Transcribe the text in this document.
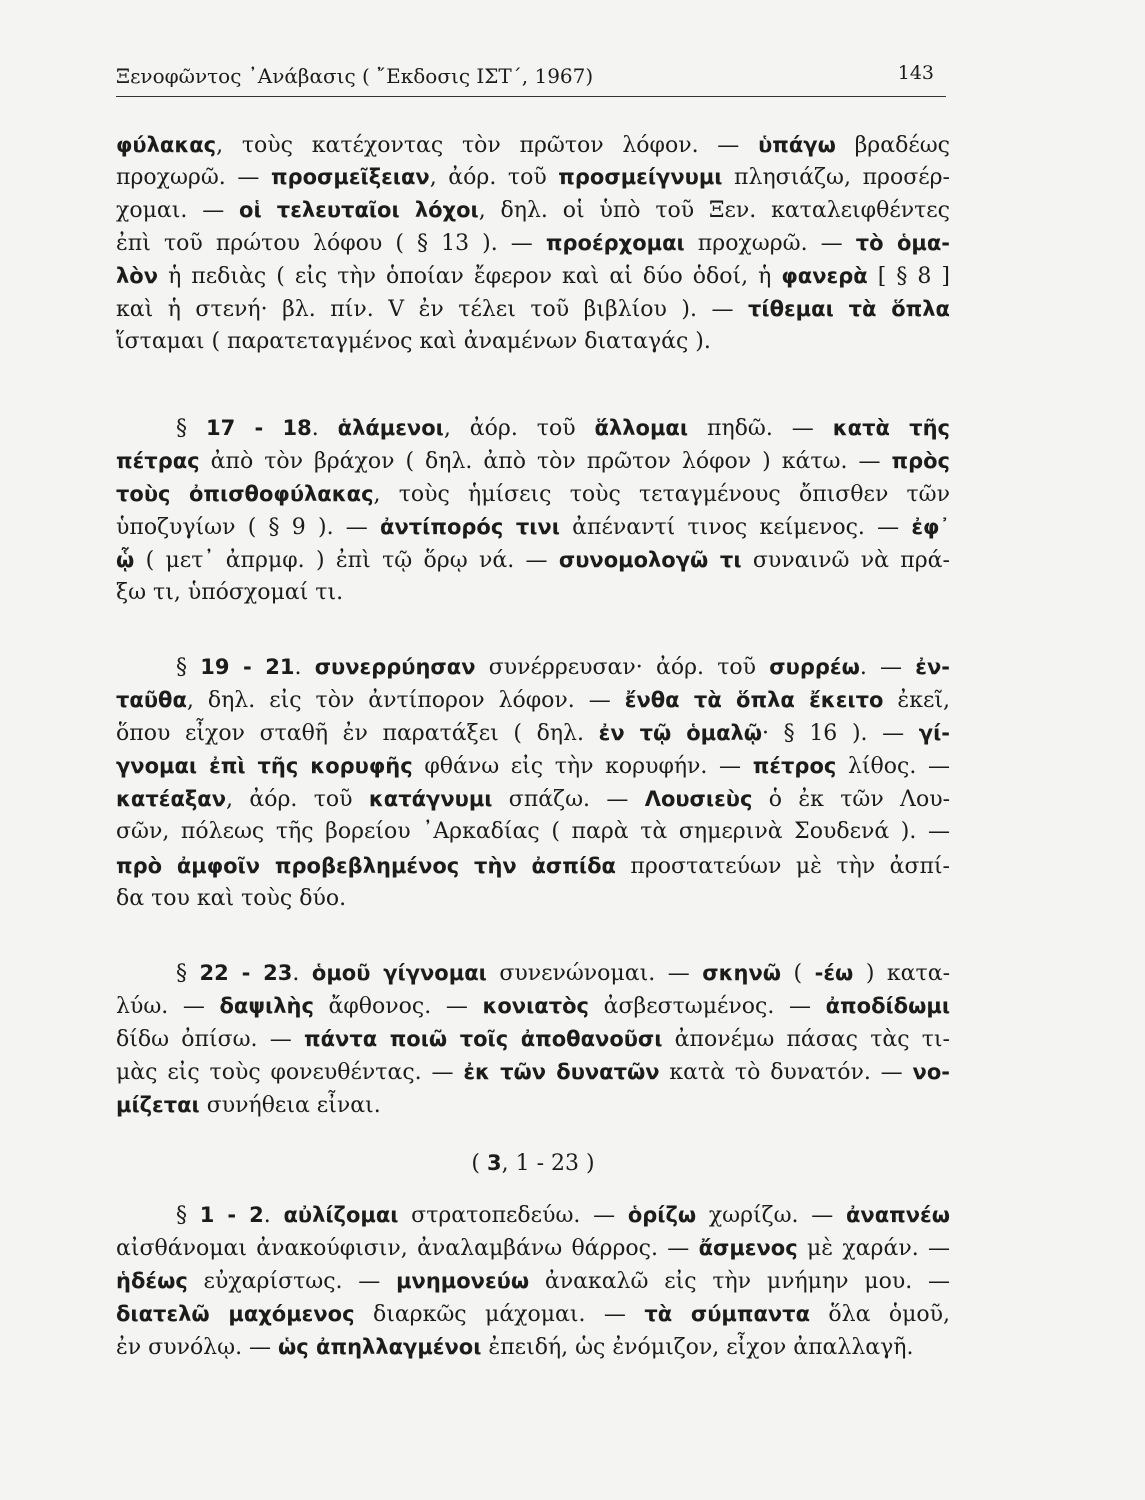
Ξενοφῶντος ᾿Ανάβασις ( ῎Εκδοσις ΙΣΤ΄, 1967)	143
φύλακας, τοὺς κατέχοντας τὸν πρῶτον λόφον. — ὑπάγω βραδέως
προχωρῶ. — προσμεῖξειαν, ἀόρ. τοῦ προσμείγνυμι πλησιάζω, προσέρ-
χομαι. — οἱ τελευταῖοι λόχοι, δηλ. οἱ ὑπὸ τοῦ Ξεν. καταλειφθέντες
ἐπὶ τοῦ πρώτου λόφου ( § 13 ). — προέρχομαι προχωρῶ. — τὸ ὁμα-
λὸν ἡ πεδιὰς ( εἰς τὴν ὁποίαν ἔφερον καὶ αἱ δύο ὁδοί, ἡ φανερὰ [ § 8 ]
καὶ ἡ στενή· βλ. πίν. V ἐν τέλει τοῦ βιβλίου ). — τίθεμαι τὰ ὅπλα
ἵσταμαι ( παρατεταγμένος καὶ ἀναμένων διαταγάς ).
§ 17 - 18. ἁλάμενοι, ἀόρ. τοῦ ἅλλομαι πηδῶ. — κατὰ τῆς
πέτρας ἀπὸ τὸν βράχον ( δηλ. ἀπὸ τὸν πρῶτον λόφον ) κάτω. — πρὸς
τοὺς ὀπισθοφύλακας, τοὺς ἡμίσεις τοὺς τεταγμένους ὄπισθεν τῶν
ὑποζυγίων ( § 9 ). — ἀντίπορός τινι ἀπέναντί τινος κείμενος. — ἐφ᾿
ᾧ ( μετ᾿ ἀπρμφ. ) ἐπὶ τῷ ὅρῳ νά. — συνομολογῶ τι συναινῶ νὰ πρά-
ξω τι, ὑπόσχομαί τι.
§ 19 - 21. συνερρύησαν συνέρρευσαν· ἀόρ. τοῦ συρρέω. — ἐν-
ταῦθα, δηλ. εἰς τὸν ἀντίπορον λόφον. — ἔνθα τὰ ὅπλα ἔκειτο ἐκεῖ,
ὅπου εἶχον σταθῆ ἐν παρατάξει ( δηλ. ἐν τῷ ὁμαλῷ· § 16 ). — γί-
γνομαι ἐπὶ τῆς κορυφῆς φθάνω εἰς τὴν κορυφήν. — πέτρος λίθος. —
κατέαξαν, ἀόρ. τοῦ κατάγνυμι σπάζω. — Λουσιεὺς ὁ ἐκ τῶν Λου-
σῶν, πόλεως τῆς βορείου ᾿Αρκαδίας ( παρὰ τὰ σημερινὰ Σουδενά ). —
πρὸ ἀμφοῖν προβεβλημένος τὴν ἀσπίδα προστατεύων μὲ τὴν ἀσπί-
δα του καὶ τοὺς δύο.
§ 22 - 23. ὁμοῦ γίγνομαι συνενώνομαι. — σκηνῶ ( -έω ) κατα-
λύω. — δαψιλὴς ἄφθονος. — κονιατὸς ἀσβεστωμένος. — ἀποδίδωμι
δίδω ὀπίσω. — πάντα ποιῶ τοῖς ἀποθανοῦσι ἀπονέμω πάσας τὰς τι-
μὰς εἰς τοὺς φονευθέντας. — ἐκ τῶν δυνατῶν κατὰ τὸ δυνατόν. — νο-
μίζεται συνήθεια εἶναι.
( 3, 1 - 23 )
§ 1 - 2. αὐλίζομαι στρατοπεδεύω. — ὁρίζω χωρίζω. — ἀναπνέω
αἰσθάνομαι ἀνακούφισιν, ἀναλαμβάνω θάρρος. — ἄσμενος μὲ χαράν. —
ἡδέως εὐχαρίστως. — μνημονεύω ἀνακαλῶ εἰς τὴν μνήμην μου. —
διατελῶ μαχόμενος διαρκῶς μάχομαι. — τὰ σύμπαντα ὅλα ὁμοῦ,
ἐν συνόλῳ. — ὡς ἀπηλλαγμένοι ἐπειδή, ὡς ἐνόμιζον, εἶχον ἀπαλλαγῆ.
